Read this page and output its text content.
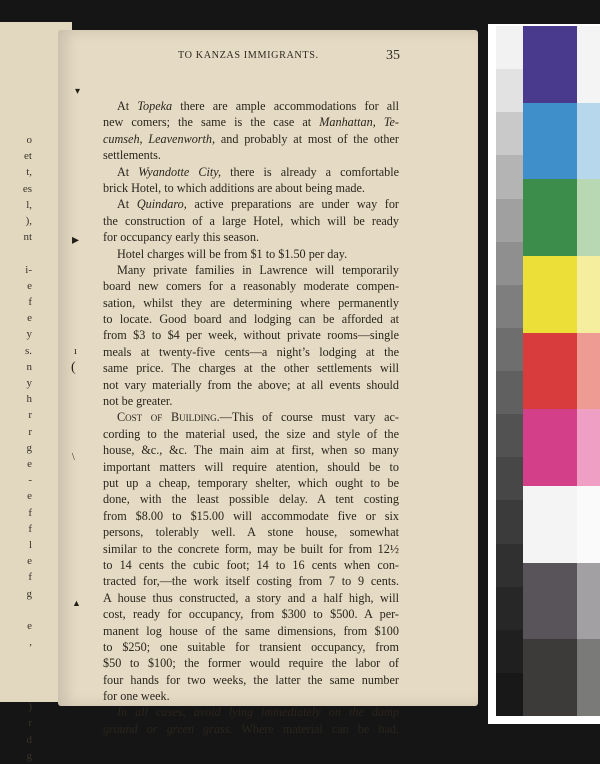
o
et
t,
es
l,
),
nt

i-
e
f
e
y
s.
n
y
h
r
r
g
e
-
e
f
f
l
e
f
g

e
,

)
r
d
g
TO KANZAS IMMIGRANTS.	35
▾
▸
ı
(
\
▲
At Topeka there are ample accommodations for all
new comers; the same is the case at Manhattan, Te-
cumseh, Leavenworth, and probably at most of the other
settlements.
At Wyandotte City, there is already a comfortable
brick Hotel, to which additions are about being made.
At Quindaro, active preparations are under way for
the construction of a large Hotel, which will be ready
for occupancy early this season.
Hotel charges will be from $1 to $1.50 per day.
Many private families in Lawrence will temporarily
board new comers for a reasonably moderate compen-
sation, whilst they are determining where permanently
to locate. Good board and lodging can be afforded at
from $3 to $4 per week, without private rooms—single
meals at twenty-five cents—a night’s lodging at the
same price. The charges at the other settlements will
not vary materially from the above; at all events should
not be greater.
Cost of Building.—This of course must vary ac-
cording to the material used, the size and style of the
house, &c., &c. The main aim at first, when so many
important matters will require atention, should be to
put up a cheap, temporary shelter, which ought to be
done, with the least possible delay. A tent costing
from $8.00 to $15.00 will accommodate five or six
persons, tolerably well. A stone house, somewhat
similar to the concrete form, may be built for from 12½
to 14 cents the cubic foot; 14 to 16 cents when con-
tracted for,—the work itself costing from 7 to 9 cents.
A house thus constructed, a story and a half high, will
cost, ready for occupancy, from $300 to $500. A per-
manent log house of the same dimensions, from $100
to $250; one suitable for transient occupancy, from
$50 to $100; the former would require the labor of
four hands for two weeks, the latter the same number
for one week.
In all cases, avoid lying immediately on the damp
ground or green grass. Where material can be had,
